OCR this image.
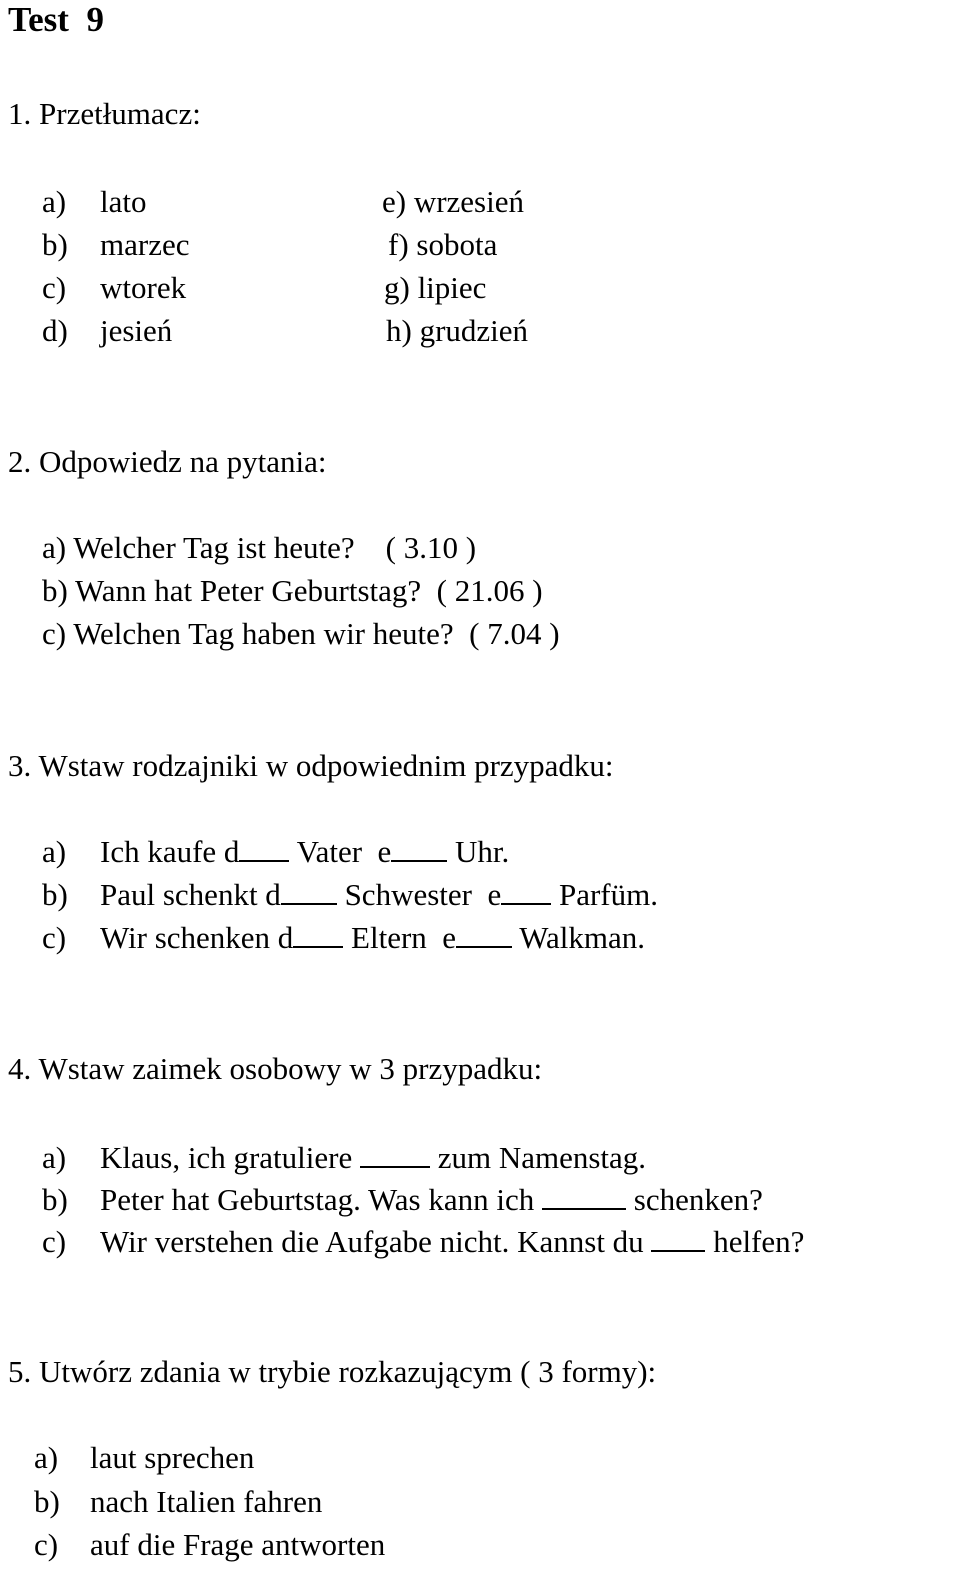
Test  9
1. Przetłumacz:
a) lato
b) marzec
c) wtorek
d) jesień
e) wrzesień
f) sobota
g) lipiec
h) grudzień
2. Odpowiedz na pytania:
a) Welcher Tag ist heute?    ( 3.10 )
b) Wann hat Peter Geburtstag?  ( 21.06 )
c) Welchen Tag haben wir heute?  ( 7.04 )
3. Wstaw rodzajniki w odpowiednim przypadku:
a) Ich kaufe d Vater  e Uhr.
b) Paul schenkt d Schwester  e Parfüm.
c) Wir schenken d Eltern  e Walkman.
4. Wstaw zaimek osobowy w 3 przypadku:
a) Klaus, ich gratuliere  zum Namenstag.
b) Peter hat Geburtstag. Was kann ich	schenken?
c) Wir verstehen die Aufgabe nicht. Kannst du  helfen?
5. Utwórz zdania w trybie rozkazującym ( 3 formy):
a) laut sprechen
b) nach Italien fahren
c) auf die Frage antworten
